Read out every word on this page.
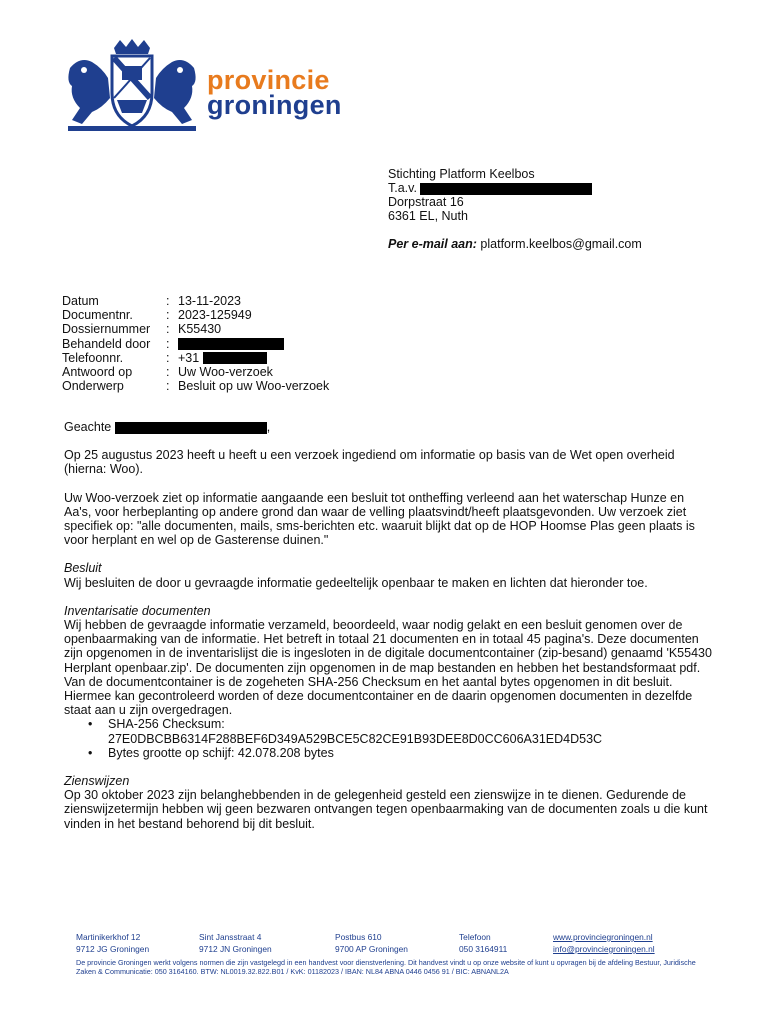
provincie
groningen
Stichting Platform Keelbos
T.a.v.
Dorpstraat 16
6361 EL, Nuth
Per e-mail aan: platform.keelbos@gmail.com
Datum	: 13-11-2023
Documentnr.	: 2023-125949
Dossiernummer	: K55430
Behandeld door	:
Telefoonnr.	: +31
Antwoord op	: Uw Woo-verzoek
Onderwerp	: Besluit op uw Woo-verzoek

Geachte	,

Op 25 augustus 2023 heeft u heeft u een verzoek ingediend om informatie op basis van de Wet open overheid (hierna: Woo).

Uw Woo-verzoek ziet op informatie aangaande een besluit tot ontheffing verleend aan het waterschap Hunze en Aa's, voor herbeplanting op andere grond dan waar de velling plaatsvindt/heeft plaatsgevonden. Uw verzoek ziet specifiek op: "alle documenten, mails, sms-berichten etc. waaruit blijkt dat op de HOP Hoomse Plas geen plaats is voor herplant en wel op de Gasterense duinen."

Besluit

Wij besluiten de door u gevraagde informatie gedeeltelijk openbaar te maken en lichten dat hieronder toe.

Inventarisatie documenten

Wij hebben de gevraagde informatie verzameld, beoordeeld, waar nodig gelakt en een besluit genomen over de openbaarmaking van de informatie. Het betreft in totaal 21 documenten en in totaal 45 pagina's. Deze documenten zijn opgenomen in de inventarislijst die is ingesloten in de digitale documentcontainer (zip-besand) genaamd 'K55430 Herplant openbaar.zip'. De documenten zijn opgenomen in de map bestanden en hebben het bestandsformaat pdf. Van de documentcontainer is de zogeheten SHA-256 Checksum en het aantal bytes opgenomen in dit besluit. Hiermee kan gecontroleerd worden of deze documentcontainer en de daarin opgenomen documenten in dezelfde staat aan u zijn overgedragen.

• SHA-256 Checksum:
27E0DBCBB6314F288BEF6D349A529BCE5C82CE91B93DEE8D0CC606A31ED4D53C
• Bytes grootte op schijf: 42.078.208 bytes

Zienswijzen

Op 30 oktober 2023 zijn belanghebbenden in de gelegenheid gesteld een zienswijze in te dienen. Gedurende de zienswijzetermijn hebben wij geen bezwaren ontvangen tegen openbaarmaking van de documenten zoals u die kunt vinden in het bestand behorend bij dit besluit.

Martinikerkhof 12
9712 JG Groningen
Sint Jansstraat 4
9712 JN Groningen
Postbus 610
9700 AP Groningen
Telefoon
050 3164911
www.provinciegroningen.nl
info@provinciegroningen.nl
De provincie Groningen werkt volgens normen die zijn vastgelegd in een handvest voor dienstverlening. Dit handvest vindt u op onze website of kunt u opvragen bij de afdeling Bestuur, Juridische Zaken & Communicatie: 050 3164160. BTW: NL0019.32.822.B01 / KvK: 01182023 / IBAN: NL84 ABNA 0446 0456 91 / BIC: ABNANL2A
